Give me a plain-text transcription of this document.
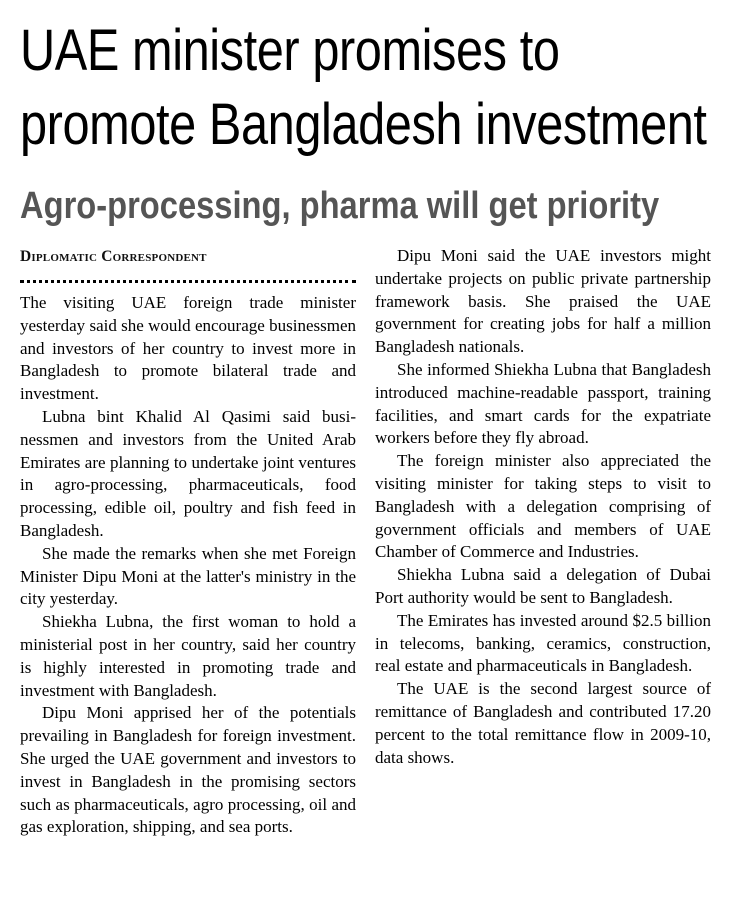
UAE minister promises to
promote Bangladesh investment
Agro-processing, pharma will get priority
Diplomatic Correspondent

The visiting UAE foreign trade minister yesterday said she would encourage businessmen and investors of her country to invest more in Bangladesh to promote bilateral trade and investment.

Lubna bint Khalid Al Qasimi said businessmen and investors from the United Arab Emirates are planning to undertake joint ventures in agro-processing, pharmaceuticals, food processing, edible oil, poultry and fish feed in Bangladesh.

She made the remarks when she met Foreign Minister Dipu Moni at the latter's ministry in the city yesterday.

Shiekha Lubna, the first woman to hold a ministerial post in her country, said her country is highly interested in promoting trade and investment with Bangladesh.

Dipu Moni apprised her of the potentials prevailing in Bangladesh for foreign investment. She urged the UAE government and investors to invest in Bangladesh in the promising sectors such as pharmaceuticals, agro processing, oil and gas exploration, shipping, and sea ports.

Dipu Moni said the UAE investors might undertake projects on public private partnership framework basis. She praised the UAE government for creating jobs for half a million Bangladesh nationals.

She informed Shiekha Lubna that Bangladesh introduced machine-readable passport, training facilities, and smart cards for the expatriate workers before they fly abroad.

The foreign minister also appreciated the visiting minister for taking steps to visit to Bangladesh with a delegation comprising of government officials and members of UAE Chamber of Commerce and Industries.

Shiekha Lubna said a delegation of Dubai Port authority would be sent to Bangladesh.

The Emirates has invested around $2.5 billion in telecoms, banking, ceramics, construction, real estate and pharmaceuticals in Bangladesh.

The UAE is the second largest source of remittance of Bangladesh and contributed 17.20 percent to the total remittance flow in 2009-10, data shows.
